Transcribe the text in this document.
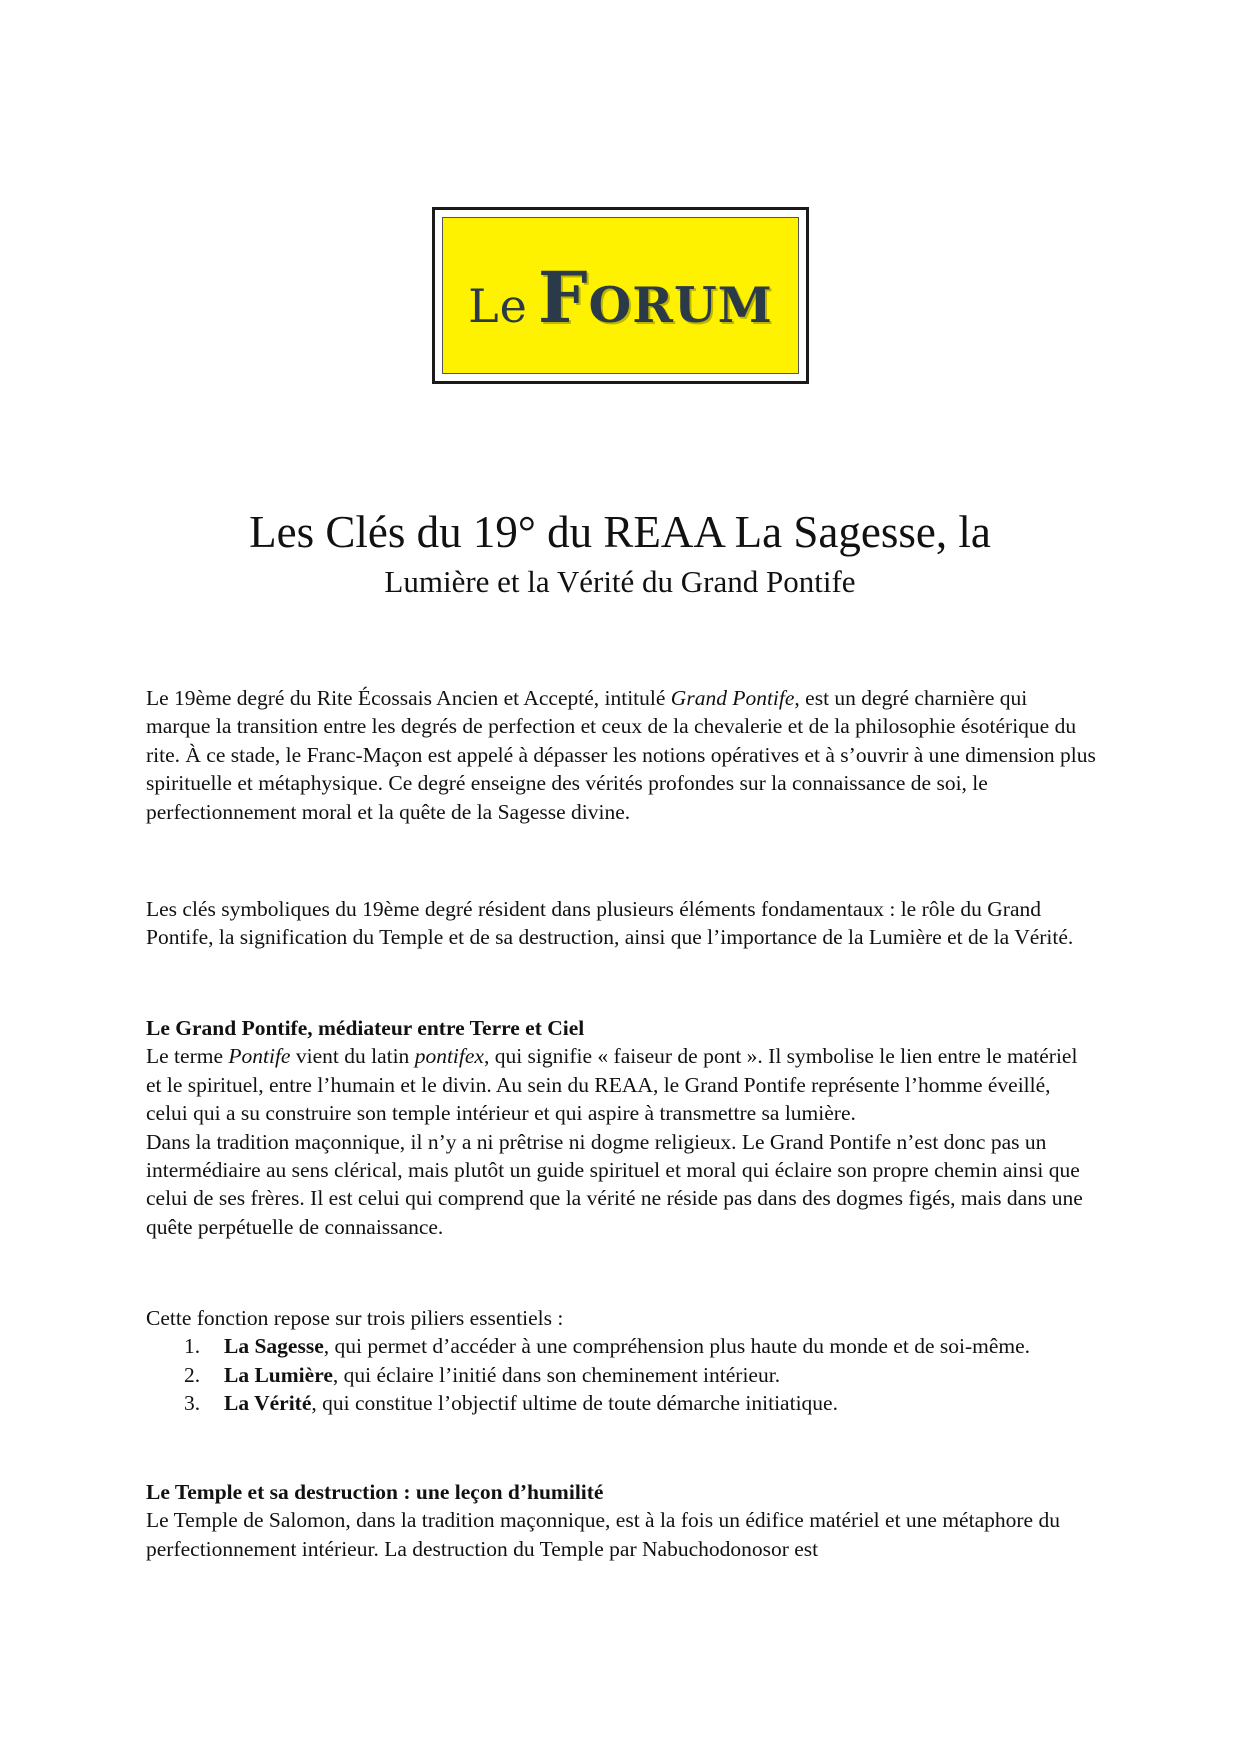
Le Forum
Les Clés du 19° du REAA La Sagesse, la
Lumière et la Vérité du Grand Pontife

Le 19ème degré du Rite Écossais Ancien et Accepté, intitulé Grand Pontife, est un degré charnière qui marque la transition entre les degrés de perfection et ceux de la chevalerie et de la philosophie ésotérique du rite. À ce stade, le Franc-Maçon est appelé à dépasser les notions opératives et à s’ouvrir à une dimension plus spirituelle et métaphysique. Ce degré enseigne des vérités profondes sur la connaissance de soi, le perfectionnement moral et la quête de la Sagesse divine.

Les clés symboliques du 19ème degré résident dans plusieurs éléments fondamentaux : le rôle du Grand Pontife, la signification du Temple et de sa destruction, ainsi que l’importance de la Lumière et de la Vérité.

Le Grand Pontife, médiateur entre Terre et Ciel

Le terme Pontife vient du latin pontifex, qui signifie « faiseur de pont ». Il symbolise le lien entre le matériel et le spirituel, entre l’humain et le divin. Au sein du REAA, le Grand Pontife représente l’homme éveillé, celui qui a su construire son temple intérieur et qui aspire à transmettre sa lumière.

Dans la tradition maçonnique, il n’y a ni prêtrise ni dogme religieux. Le Grand Pontife n’est donc pas un intermédiaire au sens clérical, mais plutôt un guide spirituel et moral qui éclaire son propre chemin ainsi que celui de ses frères. Il est celui qui comprend que la vérité ne réside pas dans des dogmes figés, mais dans une quête perpétuelle de connaissance.

Cette fonction repose sur trois piliers essentiels :

1. La Sagesse, qui permet d’accéder à une compréhension plus haute du monde et de soi-même.
2. La Lumière, qui éclaire l’initié dans son cheminement intérieur.
3. La Vérité, qui constitue l’objectif ultime de toute démarche initiatique.

Le Temple et sa destruction : une leçon d’humilité

Le Temple de Salomon, dans la tradition maçonnique, est à la fois un édifice matériel et une métaphore du perfectionnement intérieur. La destruction du Temple par Nabuchodonosor est
